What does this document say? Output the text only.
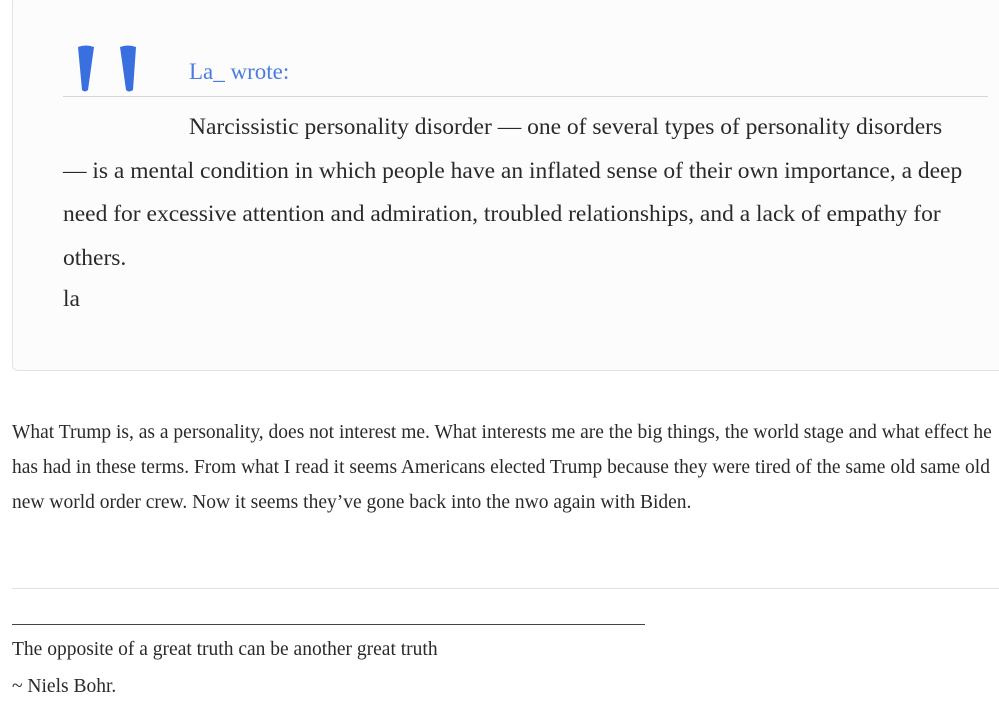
La_ wrote:

Narcissistic personality disorder — one of several types of personality disorders — is a mental condition in which people have an inflated sense of their own importance, a deep need for excessive attention and admiration, troubled relationships, and a lack of empathy for others.

la

What Trump is, as a personality, does not interest me. What interests me are the big things, the world stage and what effect he has had in these terms. From what I read it seems Americans elected Trump because they were tired of the same old same old new world order crew. Now it seems they’ve gone back into the nwo again with Biden.

The opposite of a great truth can be another great truth
~ Niels Bohr.
